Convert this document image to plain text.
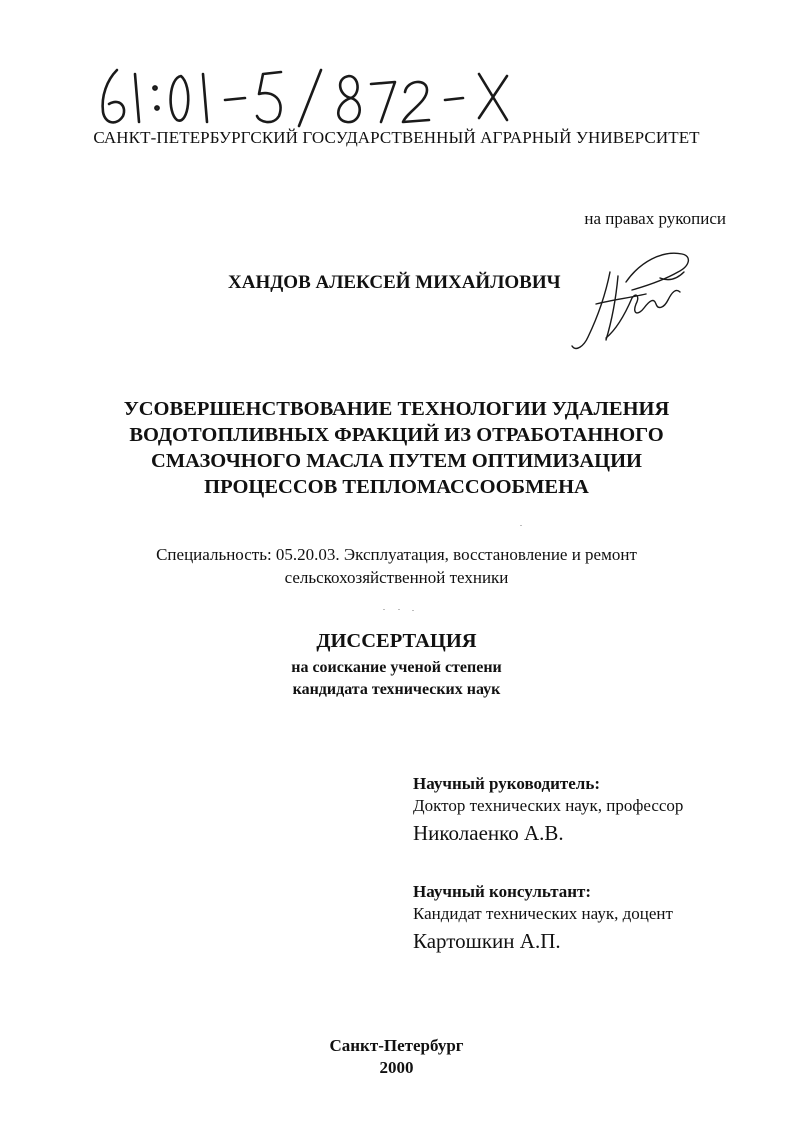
САНКТ-ПЕТЕРБУРГСКИЙ ГОСУДАРСТВЕННЫЙ АГРАРНЫЙ УНИВЕРСИТЕТ
на правах рукописи
ХАНДОВ АЛЕКСЕЙ МИХАЙЛОВИЧ
УСОВЕРШЕНСТВОВАНИЕ ТЕХНОЛОГИИ УДАЛЕНИЯ
ВОДОТОПЛИВНЫХ ФРАКЦИЙ ИЗ ОТРАБОТАННОГО
СМАЗОЧНОГО МАСЛА ПУТЕМ ОПТИМИЗАЦИИ
ПРОЦЕССОВ ТЕПЛОМАССООБМЕНА
Специальность: 05.20.03. Эксплуатация, восстановление и ремонт
сельскохозяйственной техники
ДИССЕРТАЦИЯ
на соискание ученой степени
кандидата технических наук
Научный руководитель:
Доктор технических наук, профессор
Николаенко А.В.
Научный консультант:
Кандидат технических наук, доцент
Картошкин А.П.
Санкт-Петербург
2000
